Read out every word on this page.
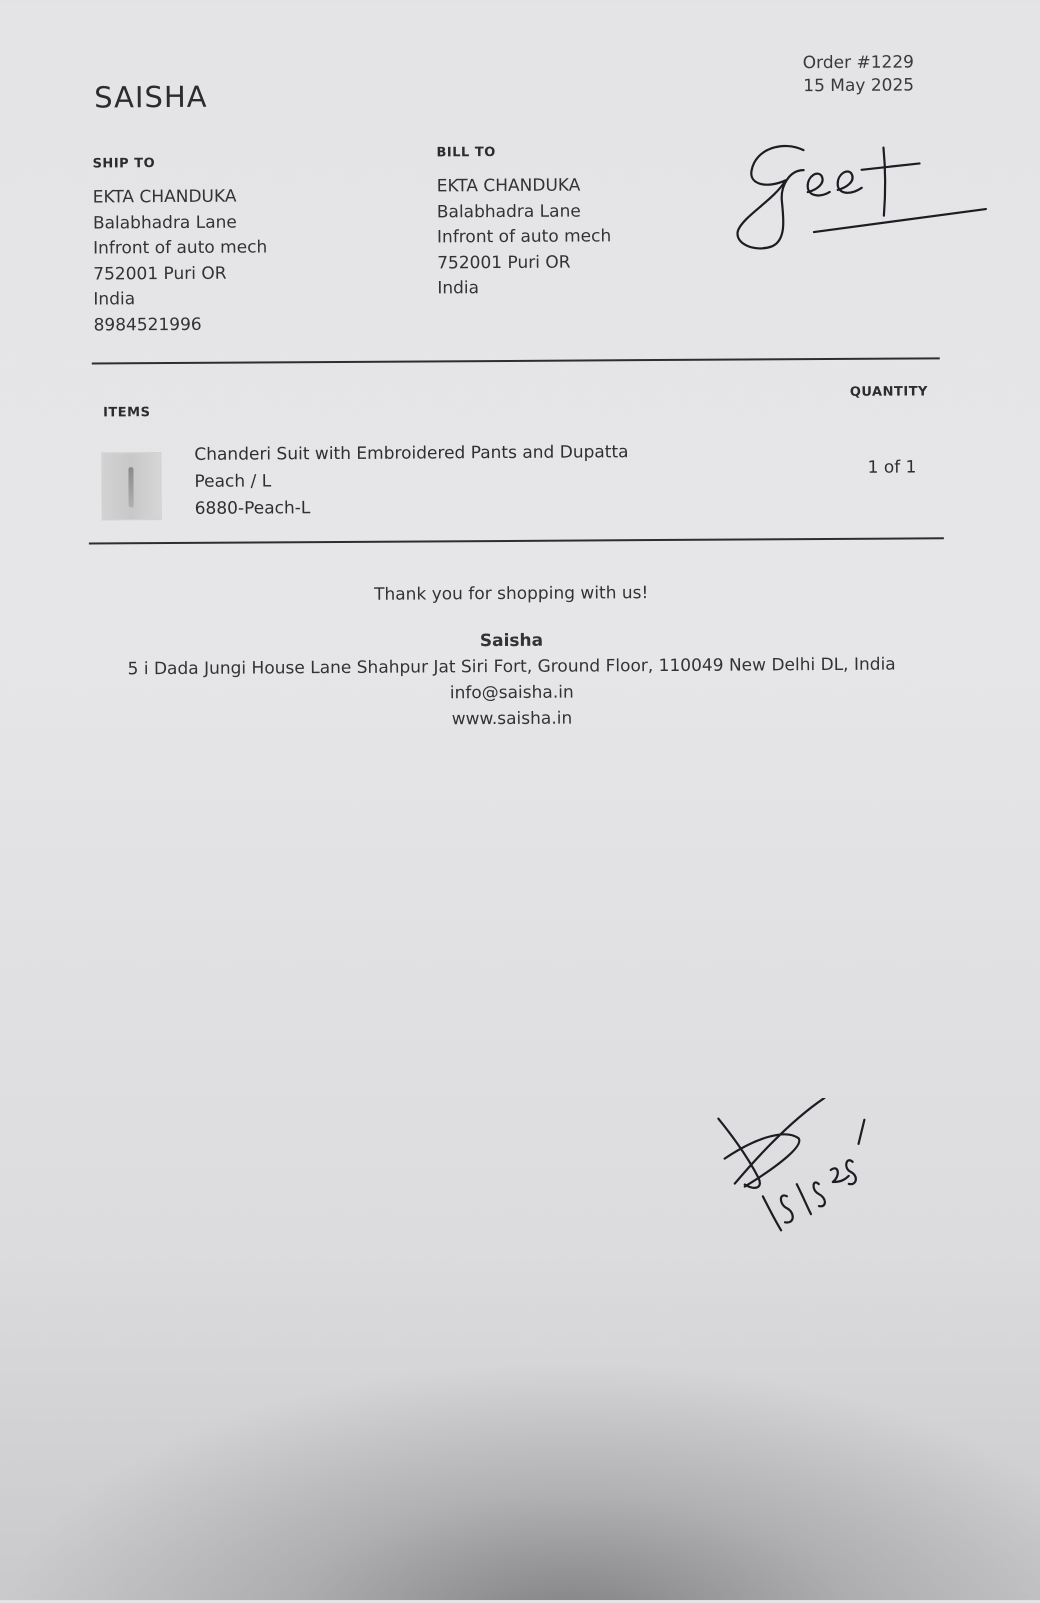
SAISHA
Order #1229
15 May 2025
SHIP TO
EKTA CHANDUKA
Balabhadra Lane
Infront of auto mech
752001 Puri OR
India
8984521996
BILL TO
EKTA CHANDUKA
Balabhadra Lane
Infront of auto mech
752001 Puri OR
India
ITEMS
QUANTITY
Chanderi Suit with Embroidered Pants and Dupatta
Peach / L
6880-Peach-L
1 of 1
Thank you for shopping with us!
Saisha
5 i Dada Jungi House Lane Shahpur Jat Siri Fort, Ground Floor, 110049 New Delhi DL, India
info@saisha.in
www.saisha.in
